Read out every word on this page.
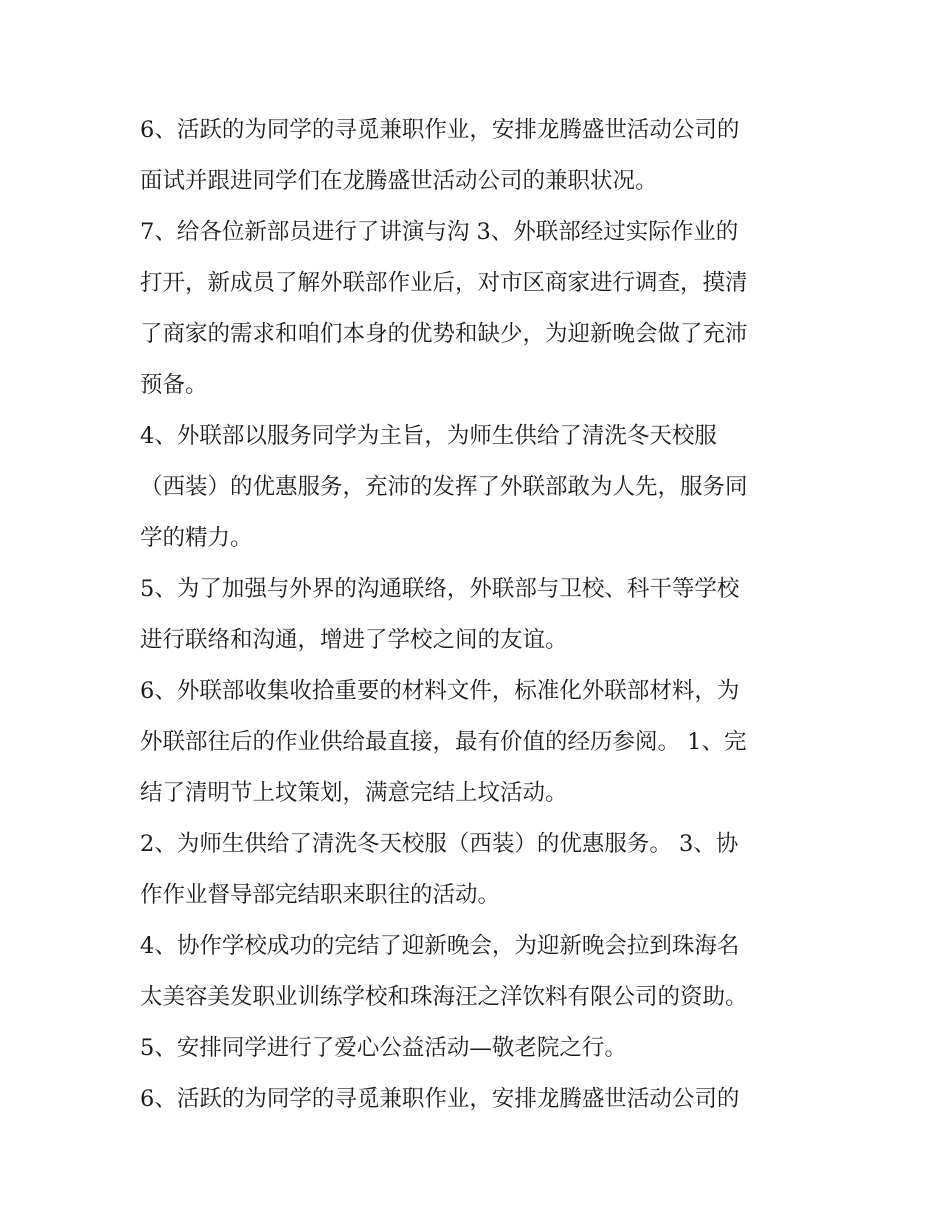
6、活跃的为同学的寻觅兼职作业，安排龙腾盛世活动公司的
面试并跟进同学们在龙腾盛世活动公司的兼职状况。

7、给各位新部员进行了讲演与沟 3、外联部经过实际作业的
打开，新成员了解外联部作业后，对市区商家进行调查，摸清
了商家的需求和咱们本身的优势和缺少，为迎新晚会做了充沛
预备。

4、外联部以服务同学为主旨，为师生供给了清洗冬天校服
（西装）的优惠服务，充沛的发挥了外联部敢为人先，服务同
学的精力。

5、为了加强与外界的沟通联络，外联部与卫校、科干等学校
进行联络和沟通，增进了学校之间的友谊。

6、外联部收集收拾重要的材料文件，标准化外联部材料，为
外联部往后的作业供给最直接，最有价值的经历参阅。 1、完
结了清明节上坟策划，满意完结上坟活动。

2、为师生供给了清洗冬天校服（西装）的优惠服务。 3、协
作作业督导部完结职来职往的活动。

4、协作学校成功的完结了迎新晚会，为迎新晚会拉到珠海名
太美容美发职业训练学校和珠海汪之洋饮料有限公司的资助。

5、安排同学进行了爱心公益活动—敬老院之行。

6、活跃的为同学的寻觅兼职作业，安排龙腾盛世活动公司的
